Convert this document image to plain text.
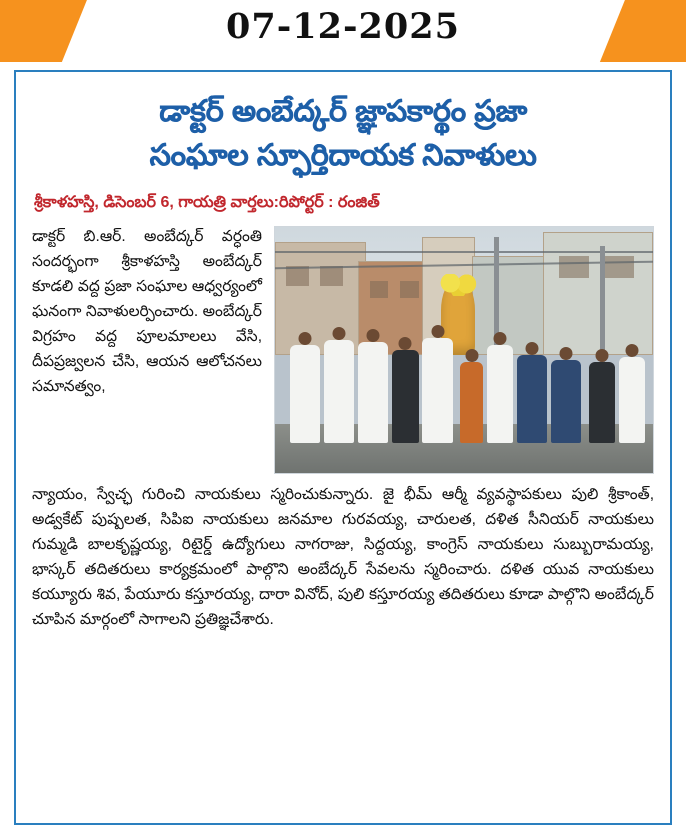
07-12-2025
డాక్టర్ అంబేద్కర్ జ్ఞాపకార్థం ప్రజా
సంఘాల స్ఫూర్తిదాయక నివాళులు
శ్రీకాళహస్తి, డిసెంబర్ 6, గాయత్రి వార్తలు:రిపోర్టర్ : రంజిత్

డాక్టర్ బి.ఆర్. అంబేద్కర్ వర్ధంతి సందర్భంగా శ్రీకాళహస్తి అంబేద్కర్ కూడలి వద్ద ప్రజా సంఘాల ఆధ్వర్యంలో ఘనంగా నివాళులర్పించారు. అంబేద్కర్ విగ్రహం వద్ద పూలమాలలు వేసి, దీపప్రజ్వలన చేసి, ఆయన ఆలోచనలు సమానత్వం,

న్యాయం, స్వేచ్ఛ గురించి నాయకులు స్మరించుకున్నారు. జై భీమ్ ఆర్మీ వ్యవస్థాపకులు పులి శ్రీకాంత్, అడ్వకేట్ పుష్పలత, సిపిఐ నాయకులు జనమాల గురవయ్య, చారులత, దళిత సీనియర్ నాయకులు గుమ్మడి బాలకృష్ణయ్య, రిటైర్డ్ ఉద్యోగులు నాగరాజు, సిద్దయ్య, కాంగ్రెస్ నాయకులు సుబ్బురామయ్య, భాస్కర్ తదితరులు కార్యక్రమంలో పాల్గొని అంబేద్కర్ సేవలను స్మరించారు. దళిత యువ నాయకులు కయ్యూరు శివ, పేయూరు కస్తూరయ్య, దారా వినోద్, పులి కస్తూరయ్య తదితరులు కూడా పాల్గొని అంబేద్కర్ చూపిన మార్గంలో సాగాలని ప్రతిజ్ఞచేశారు.
